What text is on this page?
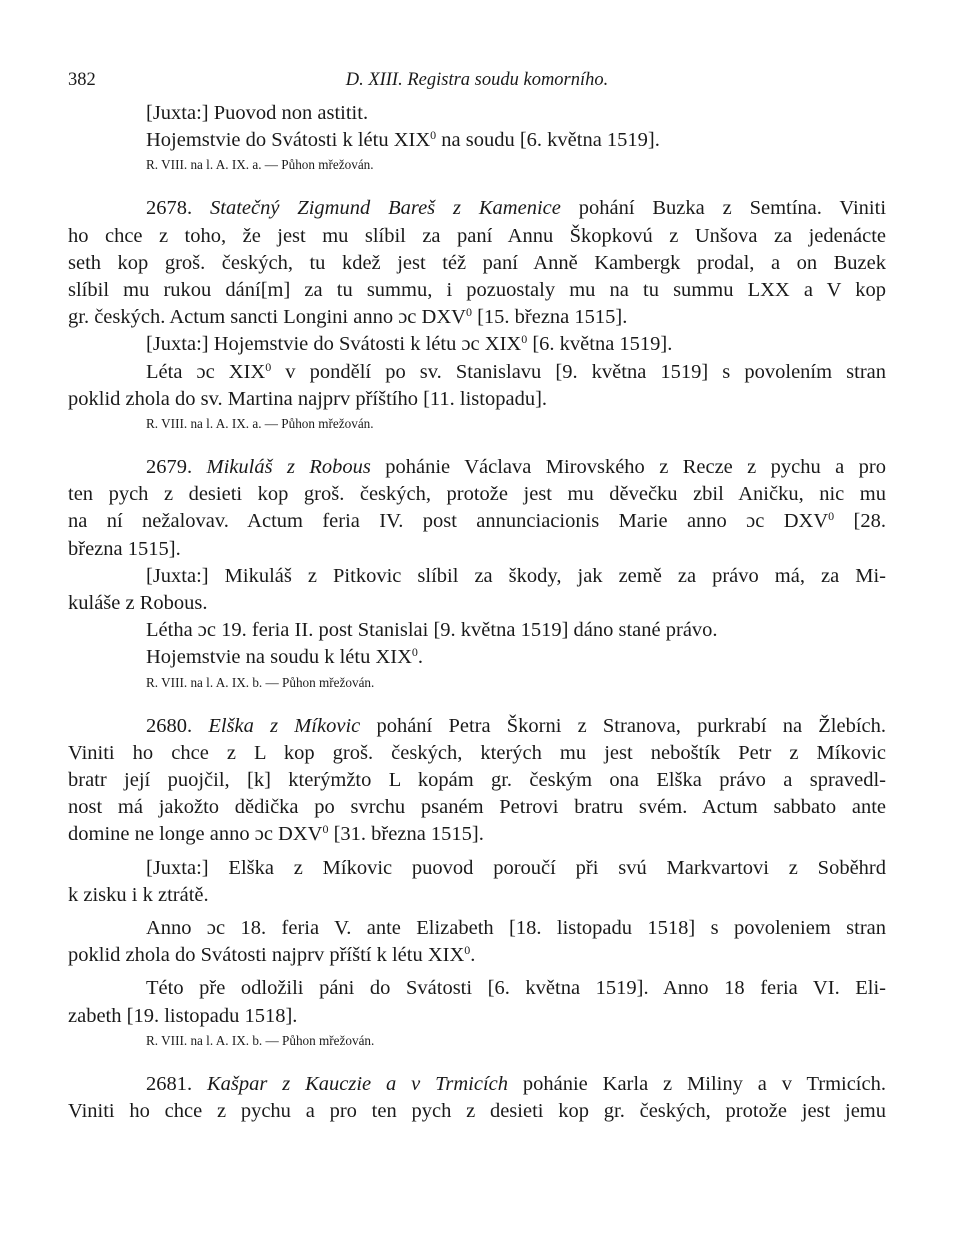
382	D. XIII. Registra soudu komorního.
[Juxta:] Puovod non astitit.
Hojemstvie do Svátosti k létu XIX$^0$ na soudu [6. května 1519].
R. VIII. na l. A. IX. a. — Půhon mřežován.
2678. Statečný Zigmund Bareš z Kamenice pohání Buzka z Semtína. Viniti
ho chce z toho, že jest mu slíbil za paní Annu Škopkovú z Unšova za jedenácte
seth kop groš. českých, tu kdež jest též paní Anně Kambergk prodal, a on Buzek
slíbil mu rukou dání[m] za tu summu, i pozuostaly mu na tu summu LXX a V kop
gr. českých. Actum sancti Longini anno ɔc DXV$^0$ [15. března 1515].
[Juxta:] Hojemstvie do Svátosti k létu ɔc XIX$^0$ [6. května 1519].
Léta ɔc XIX$^0$ v pondělí po sv. Stanislavu [9. května 1519] s povolením stran
poklid zhola do sv. Martina najprv příštího [11. listopadu].
R. VIII. na l. A. IX. a. — Půhon mřežován.
2679. Mikuláš z Robous pohánie Václava Mirovského z Recze z pychu a pro
ten pych z desieti kop groš. českých, protože jest mu děvečku zbil Aničku, nic mu
na ní nežalovav. Actum feria IV. post annunciacionis Marie anno ɔc DXV$^0$ [28.
března 1515].
[Juxta:] Mikuláš z Pitkovic slíbil za škody, jak země za právo má, za Mi-
kuláše z Robous.
Létha ɔc 19. feria II. post Stanislai [9. května 1519] dáno stané právo.
Hojemstvie na soudu k létu XIX$^0$.
R. VIII. na l. A. IX. b. — Půhon mřežován.
2680. Elška z Míkovic pohání Petra Škorni z Stranova, purkrabí na Žlebích.
Viniti ho chce z L kop groš. českých, kterých mu jest neboštík Petr z Míkovic
bratr její puojčil, [k] kterýmžto L kopám gr. českým ona Elška právo a spravedl-
nost má jakožto dědička po svrchu psaném Petrovi bratru svém. Actum sabbato ante
domine ne longe anno ɔc DXV$^0$ [31. března 1515].
[Juxta:] Elška z Míkovic puovod poroučí při svú Markvartovi z Soběhrd
k zisku i k ztrátě.
Anno ɔc 18. feria V. ante Elizabeth [18. listopadu 1518] s povoleniem stran
poklid zhola do Svátosti najprv příští k létu XIX$^0$.
Této pře odložili páni do Svátosti [6. května 1519]. Anno 18 feria VI. Eli-
zabeth [19. listopadu 1518].
R. VIII. na l. A. IX. b. — Půhon mřežován.
2681. Kašpar z Kauczie a v Trmicích pohánie Karla z Miliny a v Trmicích.
Viniti ho chce z pychu a pro ten pych z desieti kop gr. českých, protože jest jemu
